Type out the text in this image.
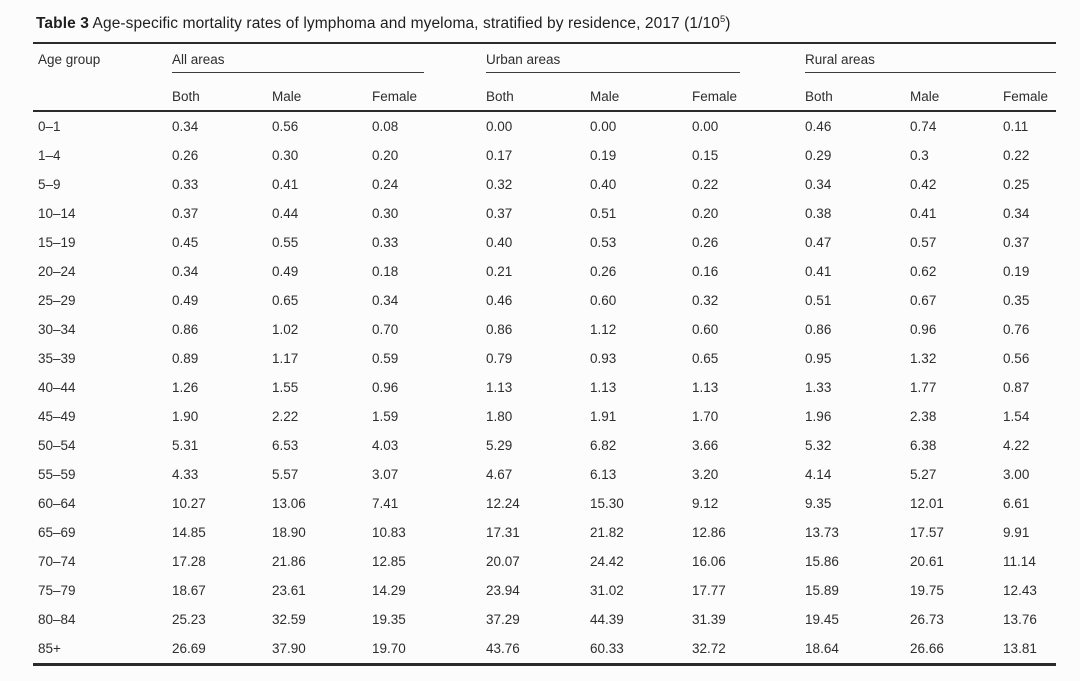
Table 3 Age-specific mortality rates of lymphoma and myeloma, stratified by residence, 2017 $(1/10^5)$
Age group	All areas			Urban areas			Rural areas		

	Both	Male	Female	Both	Male	Female	Both	Male	Female
0–1	0.34	0.56	0.08	0.00	0.00	0.00	0.46	0.74	0.11
1–4	0.26	0.30	0.20	0.17	0.19	0.15	0.29	0.3	0.22
5–9	0.33	0.41	0.24	0.32	0.40	0.22	0.34	0.42	0.25
10–14	0.37	0.44	0.30	0.37	0.51	0.20	0.38	0.41	0.34
15–19	0.45	0.55	0.33	0.40	0.53	0.26	0.47	0.57	0.37
20–24	0.34	0.49	0.18	0.21	0.26	0.16	0.41	0.62	0.19
25–29	0.49	0.65	0.34	0.46	0.60	0.32	0.51	0.67	0.35
30–34	0.86	1.02	0.70	0.86	1.12	0.60	0.86	0.96	0.76
35–39	0.89	1.17	0.59	0.79	0.93	0.65	0.95	1.32	0.56
40–44	1.26	1.55	0.96	1.13	1.13	1.13	1.33	1.77	0.87
45–49	1.90	2.22	1.59	1.80	1.91	1.70	1.96	2.38	1.54
50–54	5.31	6.53	4.03	5.29	6.82	3.66	5.32	6.38	4.22
55–59	4.33	5.57	3.07	4.67	6.13	3.20	4.14	5.27	3.00
60–64	10.27	13.06	7.41	12.24	15.30	9.12	9.35	12.01	6.61
65–69	14.85	18.90	10.83	17.31	21.82	12.86	13.73	17.57	9.91
70–74	17.28	21.86	12.85	20.07	24.42	16.06	15.86	20.61	11.14
75–79	18.67	23.61	14.29	23.94	31.02	17.77	15.89	19.75	12.43
80–84	25.23	32.59	19.35	37.29	44.39	31.39	19.45	26.73	13.76
85+	26.69	37.90	19.70	43.76	60.33	32.72	18.64	26.66	13.81
